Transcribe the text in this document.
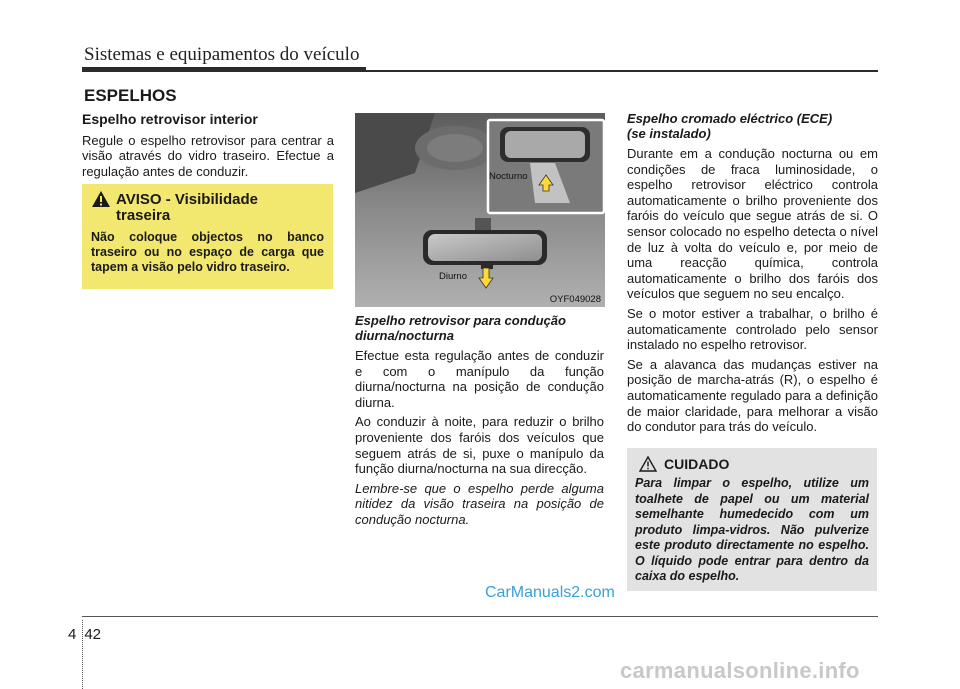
Sistemas e equipamentos do veículo
ESPELHOS
Espelho retrovisor interior

Regule o espelho retrovisor para centrar a visão através do vidro traseiro. Efectue a regulação antes de conduzir.

AVISO - Visibilidade traseira
Não coloque objectos no banco traseiro ou no espaço de carga que tapem a visão pelo vidro traseiro.
Nocturno
Diurno
OYF049028
Espelho retrovisor para condução diurna/nocturna

Efectue esta regulação antes de conduzir e com o manípulo da função diurna/nocturna na posição de condução diurna.

Ao conduzir à noite, para reduzir o brilho proveniente dos faróis dos veículos que seguem atrás de si, puxe o manípulo da função diurna/nocturna na sua direcção.

Lembre-se que o espelho perde alguma nitidez da visão traseira na posição de condução nocturna.

Espelho cromado eléctrico (ECE) (se instalado)

Durante em a condução nocturna ou em condições de fraca luminosidade, o espelho retrovisor eléctrico controla automaticamente o brilho proveniente dos faróis do veículo que segue atrás de si. O sensor colocado no espelho detecta o nível de luz à volta do veículo e, por meio de uma reacção química, controla automaticamente o brilho dos faróis dos veículos que seguem no seu encalço.

Se o motor estiver a trabalhar, o brilho é automaticamente controlado pelo sensor instalado no espelho retrovisor.

Se a alavanca das mudanças estiver na posição de marcha-atrás (R), o espelho é automaticamente regulado para a definição de maior claridade, para melhorar a visão do condutor para trás do veículo.

CUIDADO
Para limpar o espelho, utilize um toalhete de papel ou um material semelhante humedecido com um produto limpa-vidros. Não pulverize este produto directamente no espelho. O líquido pode entrar para dentro da caixa do espelho.
CarManuals2.com
4 42
carmanualsonline.info
